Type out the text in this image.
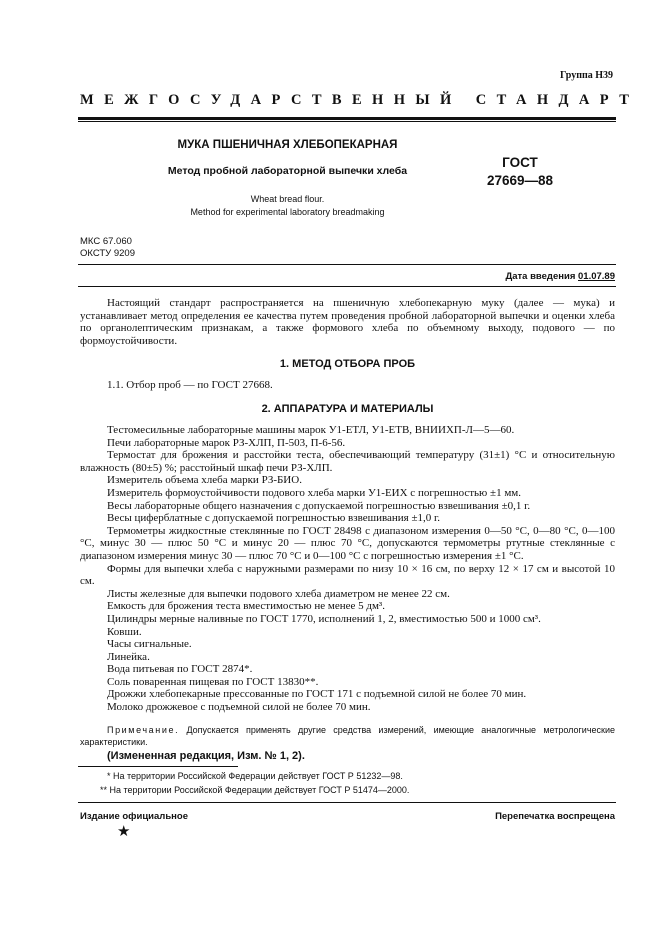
Группа Н39
МЕЖГОСУДАРСТВЕННЫЙ СТАНДАРТ
МУКА ПШЕНИЧНАЯ ХЛЕБОПЕКАРНАЯ
Метод пробной лабораторной выпечки хлеба
Wheat bread flour.
Method for experimental laboratory breadmaking
ГОСТ
27669—88
МКС 67.060
ОКСТУ 9209
Дата введения 01.07.89

Настоящий стандарт распространяется на пшеничную хлебопекарную муку (далее — мука) и устанавливает метод определения ее качества путем проведения пробной лабораторной выпечки и оценки хлеба по органолептическим признакам, а также формового хлеба по объемному выходу, подового — по формоустойчивости.

1. МЕТОД ОТБОРА ПРОБ

1.1. Отбор проб — по ГОСТ 27668.

2. АППАРАТУРА И МАТЕРИАЛЫ

Тестомесильные лабораторные машины марок У1-ЕТЛ, У1-ЕТВ, ВНИИХП-Л—5—60.

Печи лабораторные марок РЗ-ХЛП, П-503, П-6-56.

Термостат для брожения и расстойки теста, обеспечивающий температуру (31±1) °С и относительную влажность (80±5) %; расстойный шкаф печи РЗ-ХЛП.

Измеритель объема хлеба марки РЗ-БИО.

Измеритель формоустойчивости подового хлеба марки У1-ЕИХ с погрешностью ±1 мм.

Весы лабораторные общего назначения с допускаемой погрешностью взвешивания ±0,1 г.

Весы циферблатные с допускаемой погрешностью взвешивания ±1,0 г.

Термометры жидкостные стеклянные по ГОСТ 28498 с диапазоном измерения 0—50 °С, 0—80 °С, 0—100 °С, минус 30 — плюс 50 °С и минус 20 — плюс 70 °С, допускаются термометры ртутные стеклянные с диапазоном измерения минус 30 — плюс 70 °С и 0—100 °С с погрешностью измерения ±1 °С.

Формы для выпечки хлеба с наружными размерами по низу 10 × 16 см, по верху 12 × 17 см и высотой 10 см.

Листы железные для выпечки подового хлеба диаметром не менее 22 см.

Емкость для брожения теста вместимостью не менее 5 дм³.

Цилиндры мерные наливные по ГОСТ 1770, исполнений 1, 2, вместимостью 500 и 1000 см³.

Ковши.

Часы сигнальные.

Линейка.

Вода питьевая по ГОСТ 2874*.

Соль поваренная пищевая по ГОСТ 13830**.

Дрожжи хлебопекарные прессованные по ГОСТ 171 с подъемной силой не более 70 мин.

Молоко дрожжевое с подъемной силой не более 70 мин.

Примечание. Допускается применять другие средства измерений, имеющие аналогичные метрологические характеристики.
(Измененная редакция, Изм. № 1, 2).
* На территории Российской Федерации действует ГОСТ Р 51232—98.
** На территории Российской Федерации действует ГОСТ Р 51474—2000.
Издание официальное	Перепечатка воспрещена
★
